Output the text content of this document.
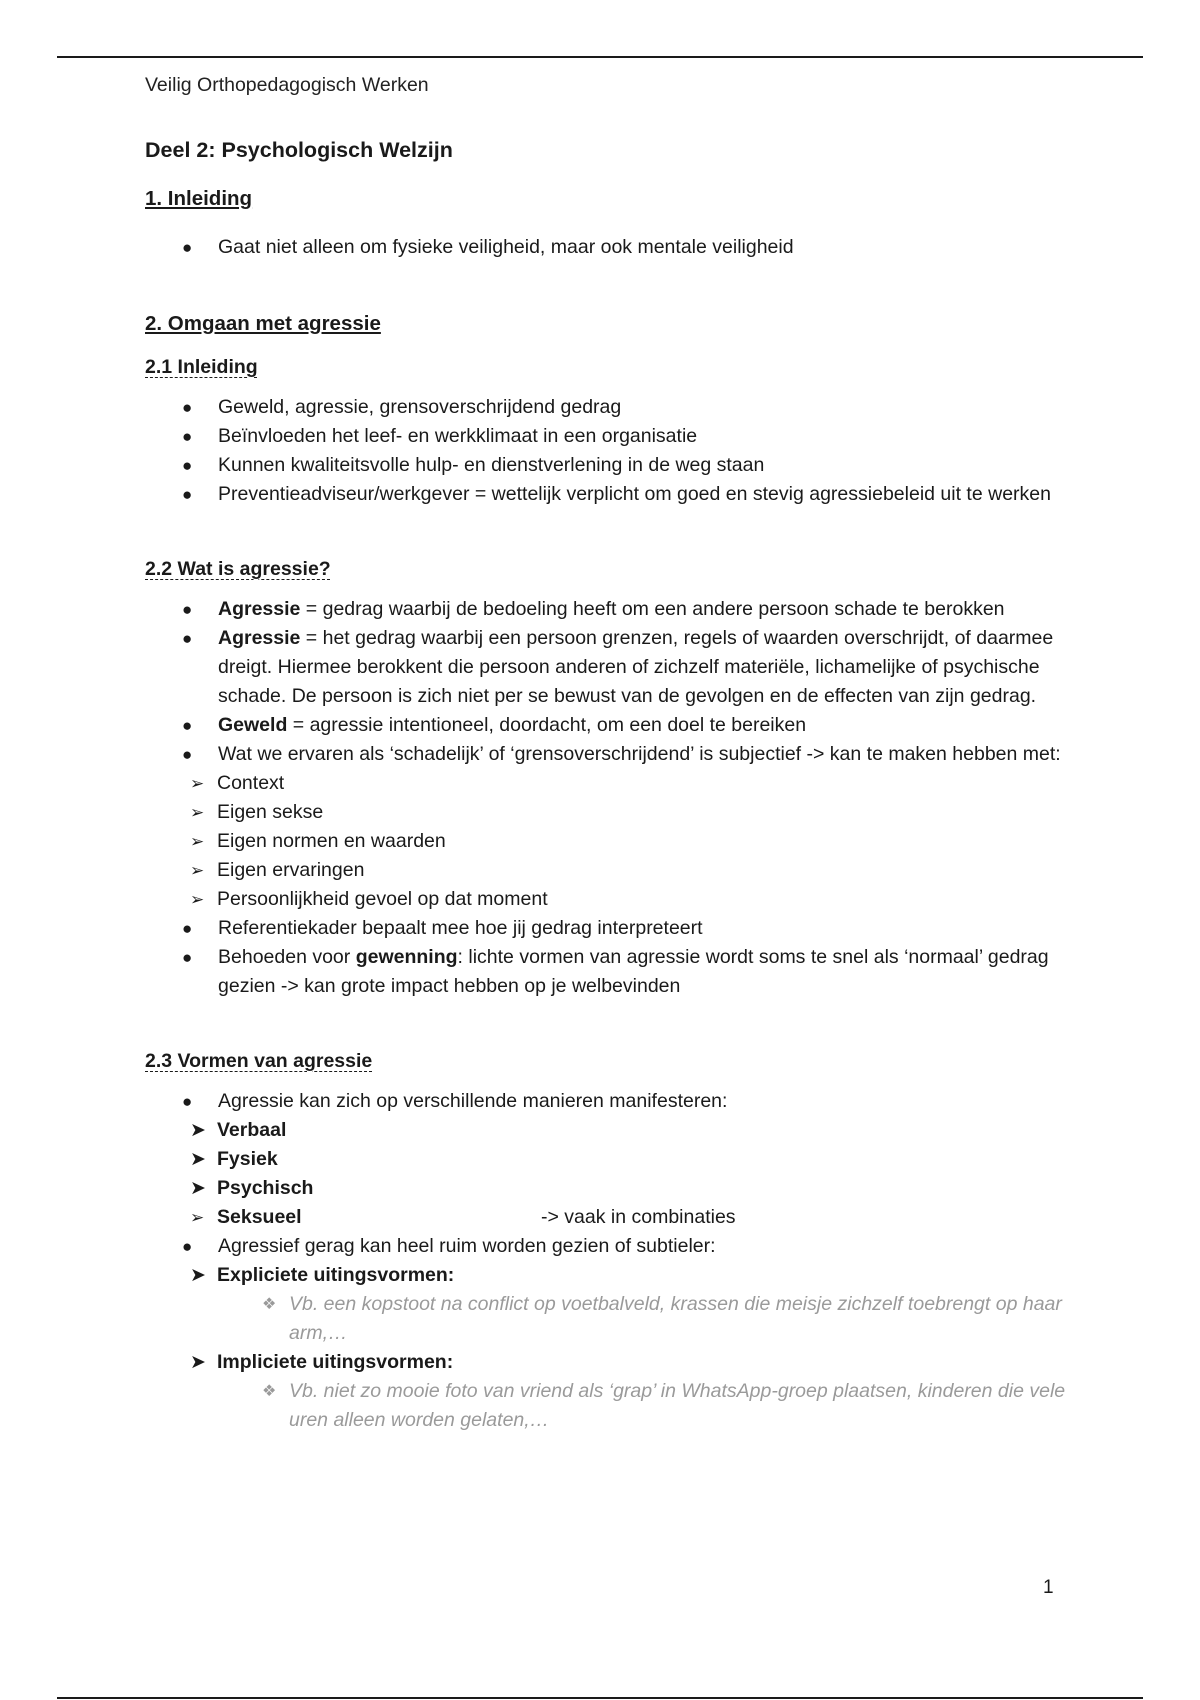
Veilig Orthopedagogisch Werken
Deel 2: Psychologisch Welzijn
1. Inleiding
● Gaat niet alleen om fysieke veiligheid, maar ook mentale veiligheid
2. Omgaan met agressie
2.1 Inleiding
● Geweld, agressie, grensoverschrijdend gedrag
● Beïnvloeden het leef- en werkklimaat in een organisatie
● Kunnen kwaliteitsvolle hulp- en dienstverlening in de weg staan
● Preventieadviseur/werkgever = wettelijk verplicht om goed en stevig agressiebeleid uit te werken
2.2 Wat is agressie?
● Agressie = gedrag waarbij de bedoeling heeft om een andere persoon schade te berokken
● Agressie = het gedrag waarbij een persoon grenzen, regels of waarden overschrijdt, of daarmee dreigt. Hiermee berokkent die persoon anderen of zichzelf materiële, lichamelijke of psychische schade. De persoon is zich niet per se bewust van de gevolgen en de effecten van zijn gedrag.
● Geweld = agressie intentioneel, doordacht, om een doel te bereiken
● Wat we ervaren als ‘schadelijk’ of ‘grensoverschrijdend’ is subjectief -> kan te maken hebben met:
➢ Context
➢ Eigen sekse
➢ Eigen normen en waarden
➢ Eigen ervaringen
➢ Persoonlijkheid gevoel op dat moment
● Referentiekader bepaalt mee hoe jij gedrag interpreteert
● Behoeden voor gewenning: lichte vormen van agressie wordt soms te snel als ‘normaal’ gedrag gezien -> kan grote impact hebben op je welbevinden
2.3 Vormen van agressie
● Agressie kan zich op verschillende manieren manifesteren:
➤ Verbaal
➤ Fysiek
➤ Psychisch
➢ Seksueel	-> vaak in combinaties
● Agressief gerag kan heel ruim worden gezien of subtieler:
➤ Expliciete uitingsvormen:
❖ Vb. een kopstoot na conflict op voetbalveld, krassen die meisje zichzelf toebrengt op haar arm,…
➤ Impliciete uitingsvormen:
❖ Vb. niet zo mooie foto van vriend als ‘grap’ in WhatsApp-groep plaatsen, kinderen die vele uren alleen worden gelaten,…
1
